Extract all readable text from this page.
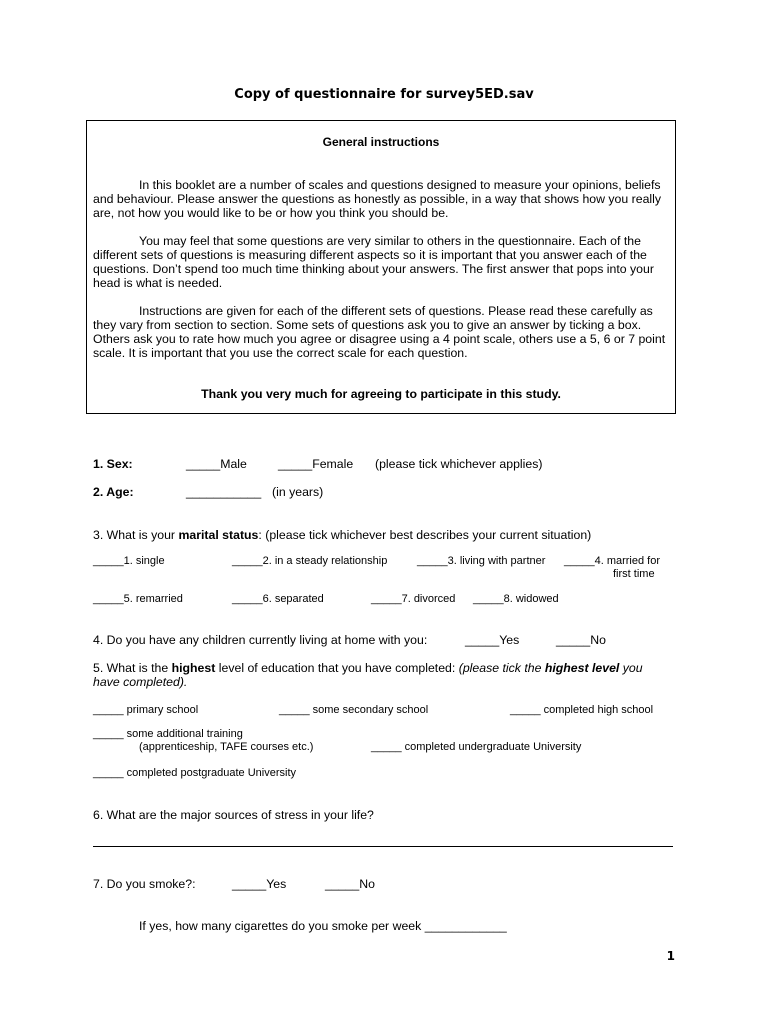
Copy of questionnaire for survey5ED.sav
General instructions
In this booklet are a number of scales and questions designed to measure your opinions, beliefs and behaviour. Please answer the questions as honestly as possible, in a way that shows how you really are, not how you would like to be or how you think you should be.
You may feel that some questions are very similar to others in the questionnaire. Each of the different sets of questions is measuring different aspects so it is important that you answer each of the questions. Don’t spend too much time thinking about your answers. The first answer that pops into your head is what is needed.
Instructions are given for each of the different sets of questions. Please read these carefully as they vary from section to section. Some sets of questions ask you to give an answer by ticking a box. Others ask you to rate how much you agree or disagree using a 4 point scale, others use a 5, 6 or 7 point scale. It is important that you use the correct scale for each question.
Thank you very much for agreeing to participate in this study.
1. Sex:	_____Male	_____Female (please tick whichever applies)
2. Age:	___________ (in years)
3. What is your marital status: (please tick whichever best describes your current situation)
_____1. single	_____2. in a steady relationship	_____3. living with partner _____4. married for
first time
_____5. remarried	_____6. separated	_____7. divorced _____8. widowed
4. Do you have any children currently living at home with you:	_____Yes	_____No
5. What is the highest level of education that you have completed: (please tick the highest level you
have completed).
_____ primary school	_____ some secondary school	_____ completed high school
_____ some additional training
(apprenticeship, TAFE courses etc.)	_____ completed undergraduate University
_____ completed postgraduate University
6. What are the major sources of stress in your life?
7. Do you smoke?:	_____Yes	_____No
If yes, how many cigarettes do you smoke per week ____________
1
